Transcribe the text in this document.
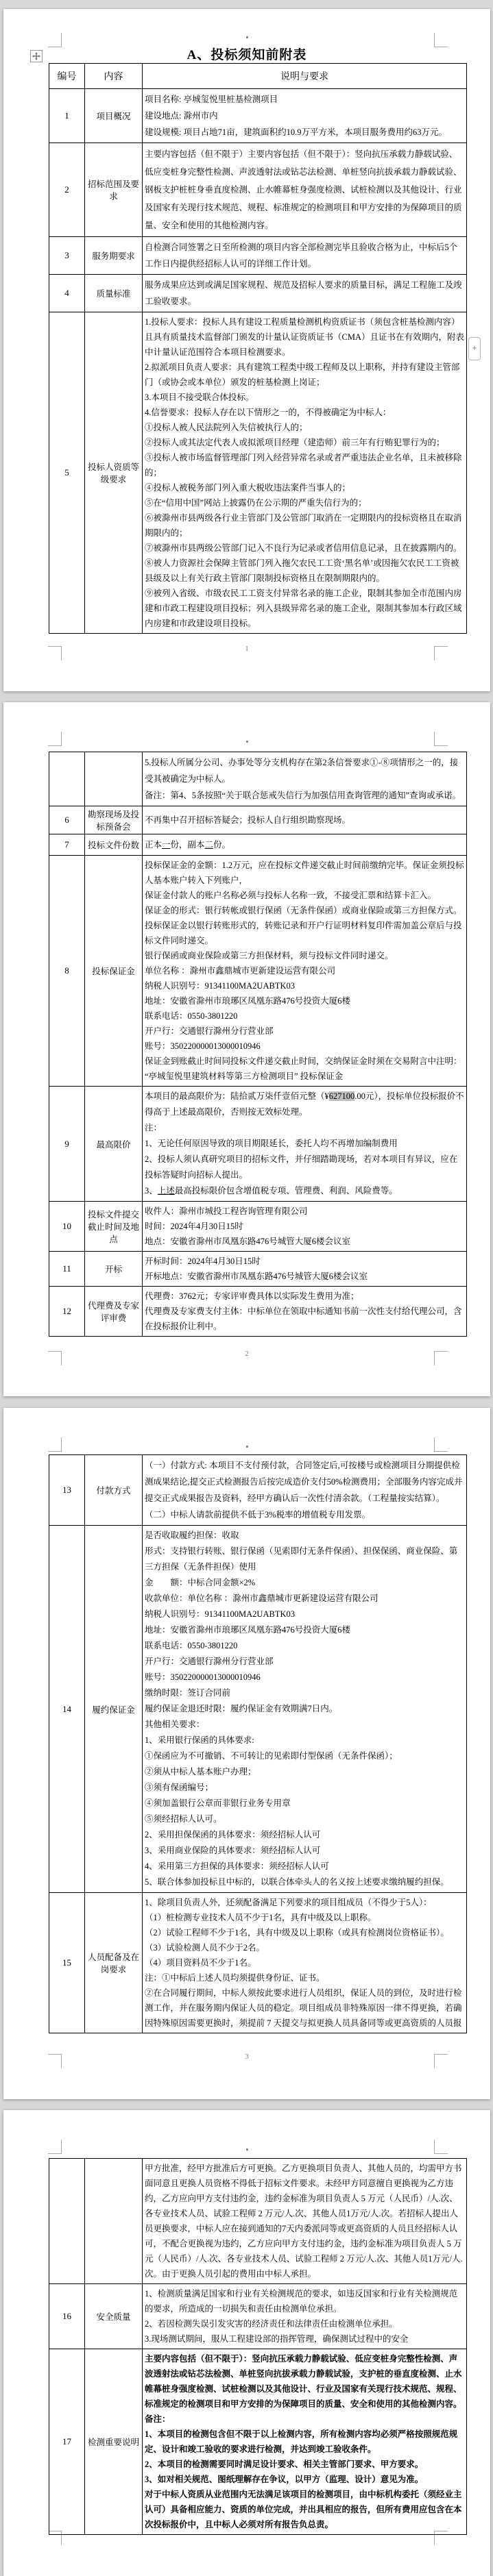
A、投标须知前附表
+
编号	内容	说明与要求
1	项目概况	项目名称: 亭城玺悦里桩基检测项目
建设地点: 滁州市内
建设规模: 项目占地71亩，建筑面积约10.9万平方米，本项目服务费用约63万元。

2	招标范围及要求	主要内容包括（但不限于）主要内容包括（但不限于）：竖向抗压承载力静载试验、低应变桩身完整性检测、声波透射法或钻芯法检测、单桩竖向抗拔承载力静载试验、钢板支护桩桩身垂直度检测、止水帷幕桩身强度检测、试桩检测以及其他设计、行业及国家有关现行技术规范、规程、标准规定的检测项目和甲方安排的为保障项目的质量、安全和使用的其他检测内容。

3	服务期要求	自检测合同签署之日至所检测的项目内容全部检测完毕且验收合格为止，中标后5个工作日内提供经招标人认可的详细工作计划。

4	质量标准	服务成果应达到或满足国家规程、规范及招标人要求的质量目标，满足工程施工及竣工验收要求。

5	投标人资质等级要求	
1.投标人要求：投标人具有建设工程质量检测机构资质证书（须包含桩基检测内容）且具有质量技术监督部门颁发的计量认证资质证书（CMA）且证书在有效期内，附表中计量认证范围符合本项目检测要求。
2.拟派项目负责人要求：具有建筑工程类中级工程师及以上职称，并持有建设主管部门（或协会或本单位）颁发的桩基检测上岗证；
3.本项目不接受联合体投标。
4.信誉要求：投标人存在以下情形之一的，不得被确定为中标人：
①投标人被人民法院列入失信被执行人的；
②投标人或其法定代表人或拟派项目经理（建造师）前三年有行贿犯罪行为的；
③投标人被市场监督管理部门列入经营异常名录或者严重违法企业名单，且未被移除的；
④投标人被税务部门列入重大税收违法案件当事人的；
⑤在“信用中国”网站上披露仍在公示期的严重失信行为的；
⑥被滁州市县两级各行业主管部门及公管部门取消在一定期限内的投标资格且在取消期限内的；
⑦被滁州市县两级公管部门记入不良行为记录或者信用信息记录，且在披露期内的。
⑧被人力资源社会保障主管部门列入拖欠农民工工资‘黑名单’或因拖欠农民工工资被县级及以上有关行政主管部门限制投标资格且在限制期限内的。
⑨被列入省级、市级农民工工资支付异常名录的施工企业，限制其参加全市范围内房建和市政工程建设项目投标；列入县级异常名录的施工企业，限制其参加本行政区域内房建和市政建设项目投标。
1

		5.投标人所属分公司、办事处等分支机构存在第2条信誉要求①-⑧项情形之一的，接受其被确定为中标人。
备注：第4、5条按照“关于联合惩戒失信行为加强信用查询管理的通知”查询或承诺。

6	勘察现场及投标预备会	不再集中召开招标答疑会；投标人自行组织勘察现场。

7	投标文件份数	正本一份，副本二份。

8	投标保证金	
投标保证金的金额：1.2万元，应在投标文件递交截止时间前缴纳完毕。保证金须投标人基本账户转入下列账户，
保证金付款人的账户名称必须与投标人名称一致，不接受汇票和结算卡汇入。
保证金的形式：银行转帐或银行保函（无条件保函）或商业保险或第三方担保方式。
投标保证金以银行转账形式的，转账记录和开户行证明材料复印件需加盖公章后与投标文件同时递交。
银行保函或商业保险或第三方担保材料，须与投标文件同时递交。
单位名称 ：滁州市鑫鼎城市更新建设运营有限公司
纳税人识别号：91341100MA2UABTK03
地址：安徽省滁州市琅琊区凤凰东路476号投资大厦6楼
联系电话：0550-3801220
开户行：交通银行滁州分行营业部
账号：350220000013000010946
保证金到账截止时间同投标文件递交截止时间，交纳保证金时须在交易附言中注明：
“亭城玺悦里建筑材料等第三方检测项目” 投标保证金

9	最高限价	本项目的最高限价为：陆拾贰万柒仟壹佰元整（¥627100.00元），投标单位投标报价不得高于上述最高限价，否则按无效标处理。
注：
1、无论任何原因导致的项目期限延长，委托人均不再增加编制费用
2、投标人须认真研究项目的招标文件，并仔细踏勘现场，若对本项目有异议，应在投标答疑时向招标人提出。
3、上述最高投标限价包含增值税专项、管理费、利润、风险费等。

10	投标文件提交截止时间及地点	收件人：滁州市城投工程咨询管理有限公司
时间：2024年4月30日15时
地点：安徽省滁州市凤凰东路476号城管大厦6楼会议室

11	开标	开标时间：2024年4月30日15时
开标地点：安徽省滁州市凤凰东路476号城管大厦6楼会议室

12	代理费及专家评审费	代理费：3762元；专家评审费具体以实际发生费用为准；
代理费及专家费支付主体：中标单位在领取中标通知书前一次性支付给代理公司，含在投标报价让利中。
2
13	付款方式	（一）付款方式: 本项目不支付预付款，合同签定后,可按楼号或检测项目分期提供检测成果结论,提交正式检测报告后按完成造价支付50%检测费用；全部服务内容完成并提交正式成果报告及资料，经甲方确认后一次性付清余款。（工程量按实结算）。
（二）中标人请款前提供不低于3%税率的增值税专用发票。

14	履约保证金	
是否收取履约担保：收取
形式：支持银行转账、银行保函（见索即付无条件保函）、担保保函、商业保险、第三方担保（无条件担保）使用
金　　额：中标合同金额×2%
收款单位：单位名称 ：滁州市鑫鼎城市更新建设运营有限公司
纳税人识别号：91341100MA2UABTK03
地址：安徽省滁州市琅琊区凤凰东路476号投资大厦6楼
联系电话：0550-3801220
开户行：交通银行滁州分行营业部
账号：350220000013000010946
缴纳时限：签订合同前
履约保证金退还时限：履约保证金有效期满7日内。
其他相关要求：
1、采用银行保函的具体要求:
①保函应为不可撤销、不可转让的见索即付型保函（无条件保函）；
②须从中标人基本账户办理；
③须有保函编号；
④须加盖银行公章而非银行业务专用章
⑤须经招标人认可。
2、采用担保保函的具体要求：须经招标人认可
3、采用商业保险的具体要求：须经招标人认可
4、采用第三方担保的具体要求：须经招标人认可
5、联合体参加投标且中标的，以联合体牵头人的名义按上述要求缴纳履约担保。

15	人员配备及在岗要求	
1、除项目负责人外，还须配备满足下列要求的项目组成员（不得少于5人）：
（1）桩检测专业技术人员不少于1名，具有中级及以上职称。
（2）试验工程师不少于1名，具有中级及以上职称（或具有检测岗位资格证书）。
（3）试验检测人员不少于2名。
（4）项目资料员不少于1名。
注：①中标后上述人员均须提供身份证、证书。
②在合同履行期间，中标人须按此要求进行人员组织，保证人员的到位，及时进行检测工作，并在服务期内保证人员的稳定。项目组成员非特殊原因一律不得更换，若确因特殊原因需要更换时，须提前 7 天提交与拟更换人员具备同等或更高资质的人员报
3

		甲方批准，经甲方批准后方可更换。乙方更换项目负责人、其他人员的，均需甲方书面同意且更换人员资格不得低于招标文件要求。未经甲方同意擅自更换视为乙方违约，乙方应向甲方支付违约金，违约金标准为项目负责人 5 万元（人民币）/人.次、各专业技术人员、试验工程师 2 万元/人.次、其他人员1万元/人.次。若招标人提出人员更换要求，中标人应在接到通知的7天内委派同等或更高资质的人员且经招标人认可，不配合更换视为违约，乙方应向甲方支付违约金，违约金标准为项目负责人 5 万元（人民币）/人.次、各专业技术人员、试验工程师 2 万元/人.次、其他人员1万元/人.次。由于更换人员引起的费用由中标人承担。

16	安全质量	1、检测质量满足国家和行业有关检测规范的要求，如违反国家和行业有关检测规范的要求，所造成的一切损失和责任由检测单位承担。
2、若因检测失误引发灾害的经济责任和法律责任由检测单位承担。
3.现场测试期间，服从工程建设部的指挥管理，确保测试过程中的安全

17	检测重要说明	
主要内容包括（但不限于）：竖向抗压承载力静载试验、低应变桩身完整性检测、声波透射法或钻芯法检测、单桩竖向抗拔承载力静载试验，支护桩的垂直度检测、止水帷幕桩身强度检测、试桩检测以及其他设计、行业及国家有关现行技术规范、规程、标准规定的检测项目和甲方安排的为保障项目的质量、安全和使用的其他检测内容。
备注：
1、本项目的检测包含但不限于以上检测内容，所有检测内容均必须严格按照规范规定、设计和竣工验收的要求进行检测，并达到竣工验收条件。
2、本项目的检测需要同时满足设计要求、相关主管部门要求、甲方要求。
3、如对相关规范、图纸理解存在争议，以甲方（监理、设计）意见为准。
对于中标人资质从业范围内无法满足该项目的检测项目，由中标机构委托（须经业主认可）具备相应能力、资质的单位完成，并出具相应的报告，但所有费用应包含在本次投标报价中，且中标人必须对所有报告负总责。
